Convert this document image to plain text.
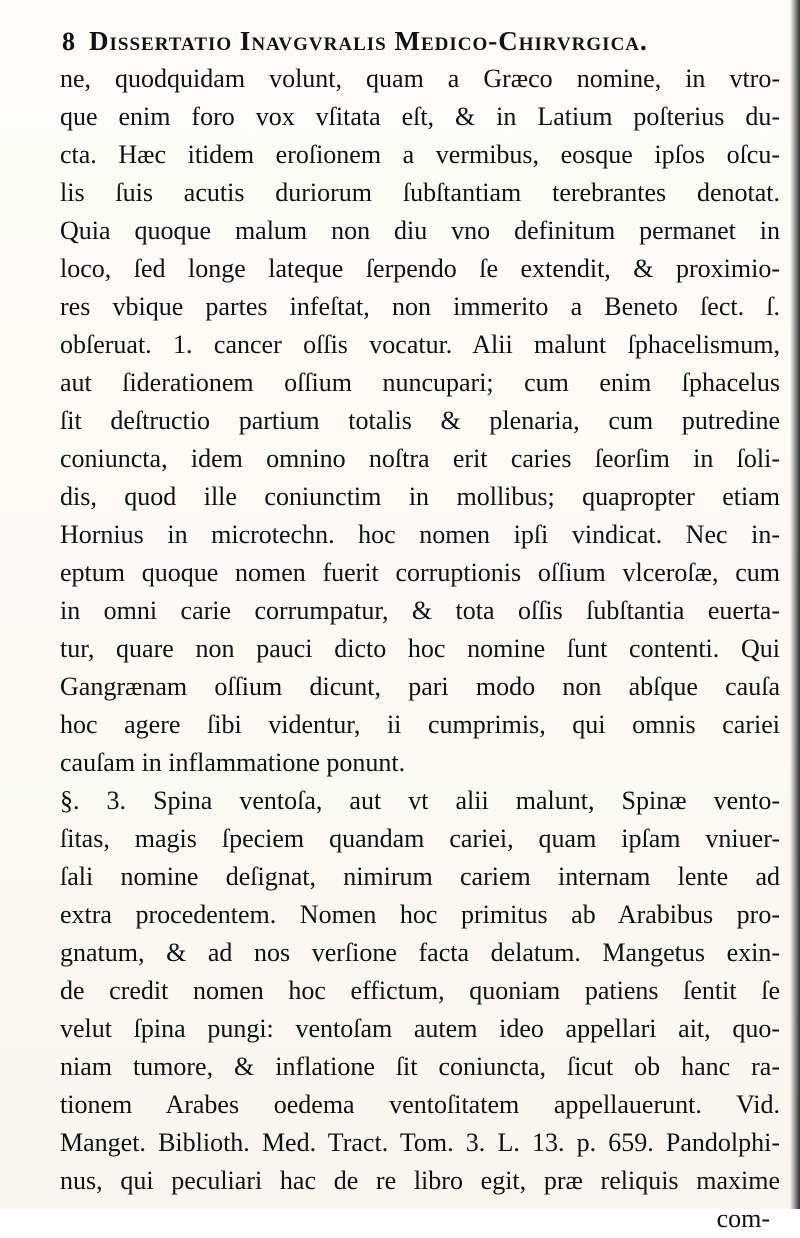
8 Dissertatio Inavgvralis Medico-Chirvrgica.
ne, quodquidam volunt, quam a Græco nomine, in vtro-
que enim foro vox vſitata eſt, & in Latium poſterius du-
cta. Hæc itidem eroſionem a vermibus, eosque ipſos oſcu-
lis ſuis acutis duriorum ſubſtantiam terebrantes denotat.
Quia quoque malum non diu vno definitum permanet in
loco, ſed longe lateque ſerpendo ſe extendit, & proximio-
res vbique partes infeſtat, non immerito a Beneto ſect. ſ.
obſeruat. 1. cancer oſſis vocatur. Alii malunt ſphacelismum,
aut ſiderationem oſſium nuncupari; cum enim ſphacelus
ſit deſtructio partium totalis & plenaria, cum putredine
coniuncta, idem omnino noſtra erit caries ſeorſim in ſoli-
dis, quod ille coniunctim in mollibus; quapropter etiam
Hornius in microtechn. hoc nomen ipſi vindicat. Nec in-
eptum quoque nomen fuerit corruptionis oſſium vlceroſæ, cum
in omni carie corrumpatur, & tota oſſis ſubſtantia euerta-
tur, quare non pauci dicto hoc nomine ſunt contenti. Qui
Gangrænam oſſium dicunt, pari modo non abſque cauſa
hoc agere ſibi videntur, ii cumprimis, qui omnis cariei
cauſam in inflammatione ponunt.
§. 3. Spina ventoſa, aut vt alii malunt, Spinæ vento-
ſitas, magis ſpeciem quandam cariei, quam ipſam vniuer-
ſali nomine deſignat, nimirum cariem internam lente ad
extra procedentem. Nomen hoc primitus ab Arabibus pro-
gnatum, & ad nos verſione facta delatum. Mangetus exin-
de credit nomen hoc effictum, quoniam patiens ſentit ſe
velut ſpina pungi: ventoſam autem ideo appellari ait, quo-
niam tumore, & inflatione ſit coniuncta, ſicut ob hanc ra-
tionem Arabes oedema ventoſitatem appellauerunt. Vid.
Manget. Biblioth. Med. Tract. Tom. 3. L. 13. p. 659. Pandolphi-
nus, qui peculiari hac de re libro egit, præ reliquis maxime
com-
